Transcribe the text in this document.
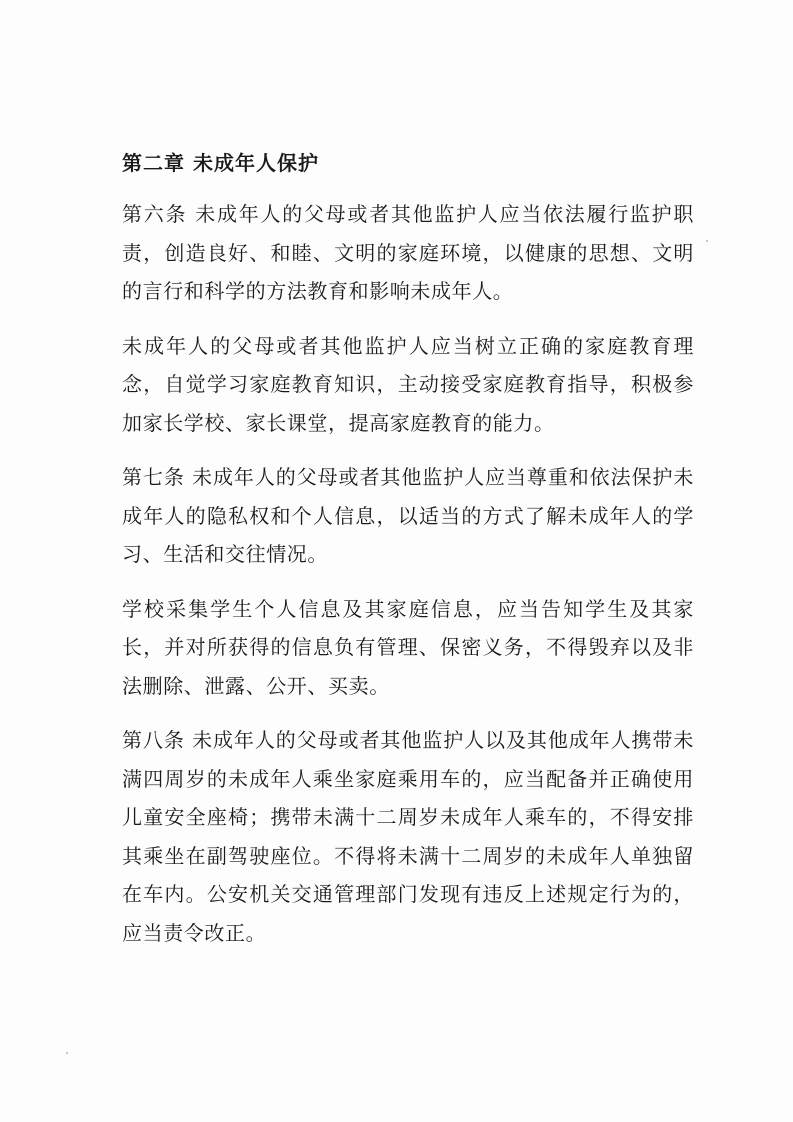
第二章 未成年人保护

第六条 未成年人的父母或者其他监护人应当依法履行监护职责，创造良好、和睦、文明的家庭环境，以健康的思想、文明的言行和科学的方法教育和影响未成年人。

未成年人的父母或者其他监护人应当树立正确的家庭教育理念，自觉学习家庭教育知识，主动接受家庭教育指导，积极参加家长学校、家长课堂，提高家庭教育的能力。

第七条 未成年人的父母或者其他监护人应当尊重和依法保护未成年人的隐私权和个人信息，以适当的方式了解未成年人的学习、生活和交往情况。

学校采集学生个人信息及其家庭信息，应当告知学生及其家长，并对所获得的信息负有管理、保密义务，不得毁弃以及非法删除、泄露、公开、买卖。

第八条 未成年人的父母或者其他监护人以及其他成年人携带未满四周岁的未成年人乘坐家庭乘用车的，应当配备并正确使用儿童安全座椅；携带未满十二周岁未成年人乘车的，不得安排其乘坐在副驾驶座位。不得将未满十二周岁的未成年人单独留在车内。公安机关交通管理部门发现有违反上述规定行为的，应当责令改正。
